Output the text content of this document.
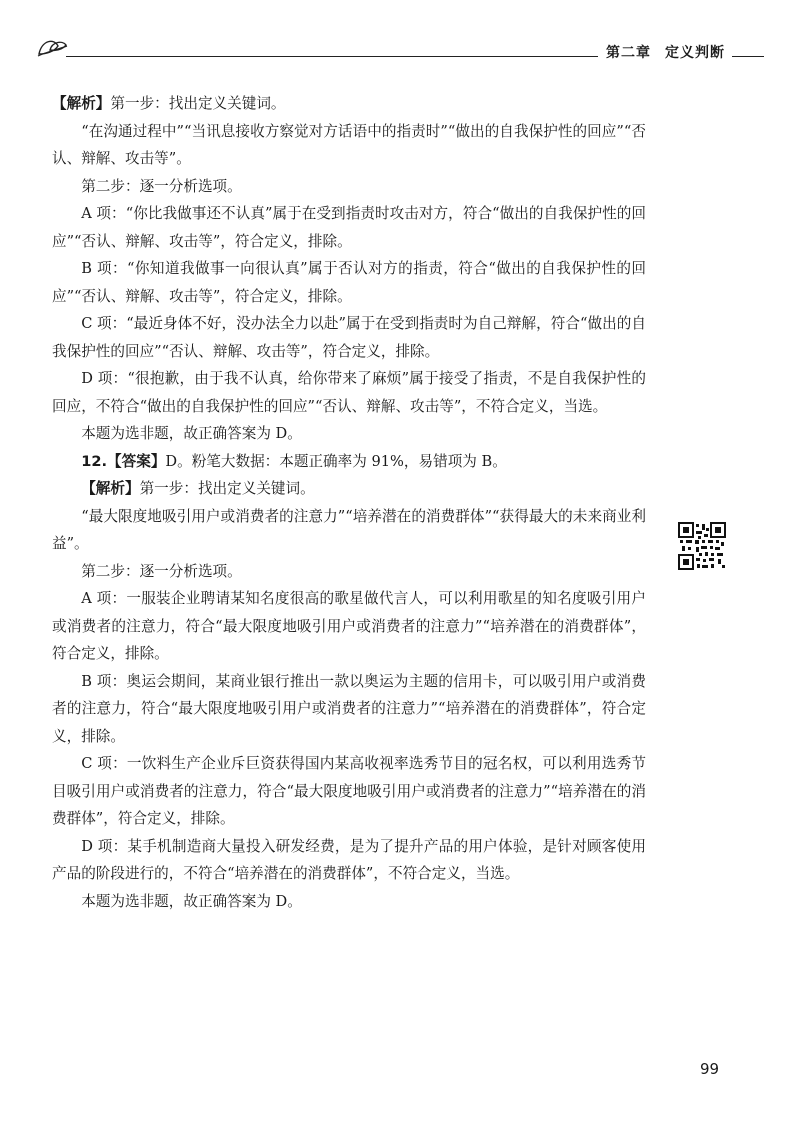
第二章 定义判断

【解析】第一步：找出定义关键词。

“在沟通过程中”“当讯息接收方察觉对方话语中的指责时”“做出的自我保护性的回应”“否认、辩解、攻击等”。

第二步：逐一分析选项。

A 项：“你比我做事还不认真”属于在受到指责时攻击对方，符合“做出的自我保护性的回应”“否认、辩解、攻击等”，符合定义，排除。

B 项：“你知道我做事一向很认真”属于否认对方的指责，符合“做出的自我保护性的回应”“否认、辩解、攻击等”，符合定义，排除。

C 项：“最近身体不好，没办法全力以赴”属于在受到指责时为自己辩解，符合“做出的自我保护性的回应”“否认、辩解、攻击等”，符合定义，排除。

D 项：“很抱歉，由于我不认真，给你带来了麻烦”属于接受了指责，不是自我保护性的回应，不符合“做出的自我保护性的回应”“否认、辩解、攻击等”，不符合定义，当选。

本题为选非题，故正确答案为 D。

12.【答案】D。粉笔大数据：本题正确率为 91%，易错项为 B。

【解析】第一步：找出定义关键词。

“最大限度地吸引用户或消费者的注意力”“培养潜在的消费群体”“获得最大的未来商业利益”。

第二步：逐一分析选项。

A 项：一服装企业聘请某知名度很高的歌星做代言人，可以利用歌星的知名度吸引用户或消费者的注意力，符合“最大限度地吸引用户或消费者的注意力”“培养潜在的消费群体”，符合定义，排除。

B 项：奥运会期间，某商业银行推出一款以奥运为主题的信用卡，可以吸引用户或消费者的注意力，符合“最大限度地吸引用户或消费者的注意力”“培养潜在的消费群体”，符合定义，排除。

C 项：一饮料生产企业斥巨资获得国内某高收视率选秀节目的冠名权，可以利用选秀节目吸引用户或消费者的注意力，符合“最大限度地吸引用户或消费者的注意力”“培养潜在的消费群体”，符合定义，排除。

D 项：某手机制造商大量投入研发经费，是为了提升产品的用户体验，是针对顾客使用产品的阶段进行的，不符合“培养潜在的消费群体”，不符合定义，当选。

本题为选非题，故正确答案为 D。

99
